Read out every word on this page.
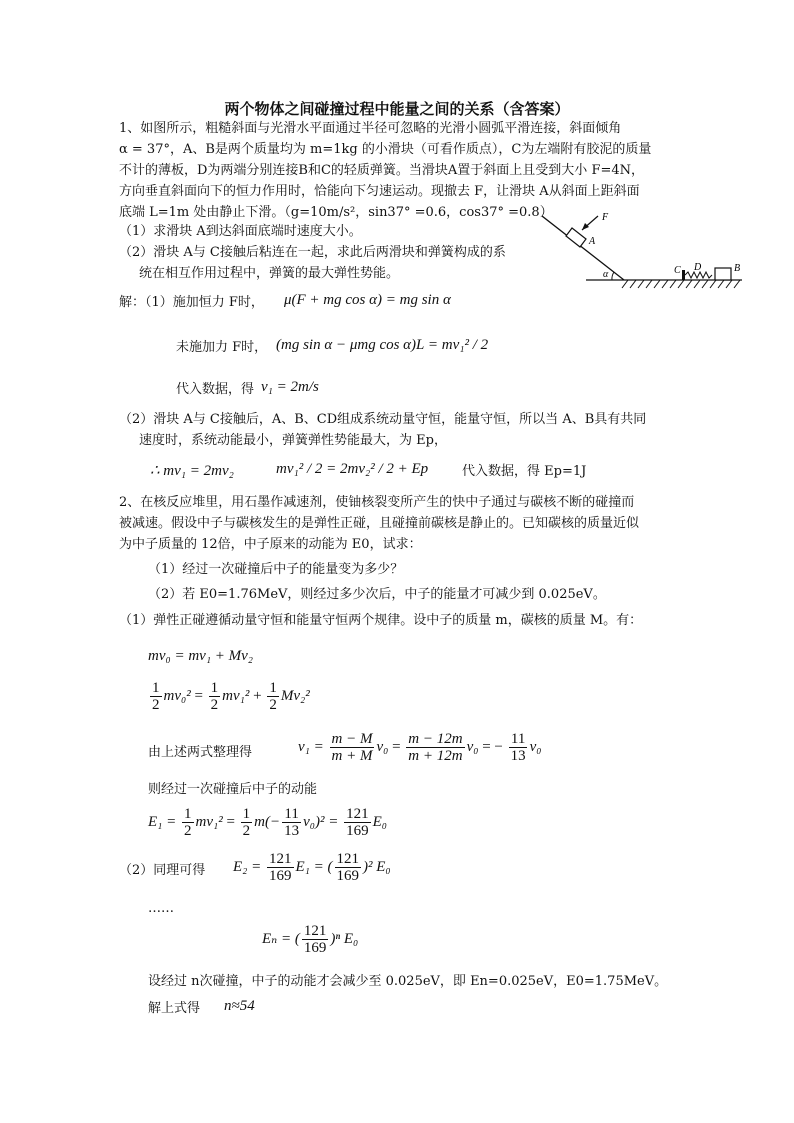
两个物体之间碰撞过程中能量之间的关系（含答案）
1、如图所示，粗糙斜面与光滑水平面通过半径可忽略的光滑小圆弧平滑连接，斜面倾角
α = 37°，A、B是两个质量均为 m=1kg 的小滑块（可看作质点），C为左端附有胶泥的质量
不计的薄板，D为两端分别连接B和C的轻质弹簧。当滑块A置于斜面上且受到大小 F=4N，
方向垂直斜面向下的恒力作用时，恰能向下匀速运动。现撤去 F，让滑块 A从斜面上距斜面
底端 L=1m 处由静止下滑。（g=10m/s²，sin37° =0.6，cos37° =0.8）
（1）求滑块 A到达斜面底端时速度大小。
（2）滑块 A与 C接触后粘连在一起，求此后两滑块和弹簧构成的系
统在相互作用过程中，弹簧的最大弹性势能。
F
A
α	C D	B
解：（1）施加恒力 F时， μ(F + mg cos α) = mg sin α
未施加力 F时， (mg sin α − μmg cos α)L = mv₁² / 2
代入数据，得 v₁ = 2m/s
（2）滑块 A与 C接触后，A、B、CD组成系统动量守恒，能量守恒，所以当 A、B具有共同
速度时，系统动能最小，弹簧弹性势能最大，为 Ep，
∴ mv₁ = 2mv₂	mv₁² / 2 = 2mv₂² / 2 + Ep	代入数据，得 Ep=1J
2、在核反应堆里，用石墨作减速剂，使铀核裂变所产生的快中子通过与碳核不断的碰撞而
被减速。假设中子与碳核发生的是弹性正碰，且碰撞前碳核是静止的。已知碳核的质量近似
为中子质量的 12倍，中子原来的动能为 E0，试求：
（1）经过一次碰撞后中子的能量变为多少？
（2）若 E0=1.76MeV，则经过多少次后，中子的能量才可减少到 0.025eV。
（1）弹性正碰遵循动量守恒和能量守恒两个规律。设中子的质量 m，碳核的质量 M。有：
mv₀ = mv₁ + Mv₂
$\frac{1}{2} mv_0^2 = \frac{1}{2} mv_1^2 + \frac{1}{2} Mv_2^2$
由上述两式整理得	$v_1 = \frac{m - M}{m + M} v_0 = \frac{m - 12m}{m + 12m} v_0$ = − $\frac{11}{13} v_0$
则经过一次碰撞后中子的动能
$E_1 = \frac{1}{2} mv_1^2 = \frac{1}{2} m(- \frac{11}{13} v_0)^2 = \frac{121}{169} E_0$
（2）同理可得 $E_2 = \frac{121}{169} E_1$ = ( $\frac{121}{169} )^2$ E₀
……
Eₙ = ( $\frac{121}{169} )^n$ E₀
设经过 n次碰撞，中子的动能才会减少至 0.025eV，即 En=0.025eV，E0=1.75MeV。
解上式得 n≈54
